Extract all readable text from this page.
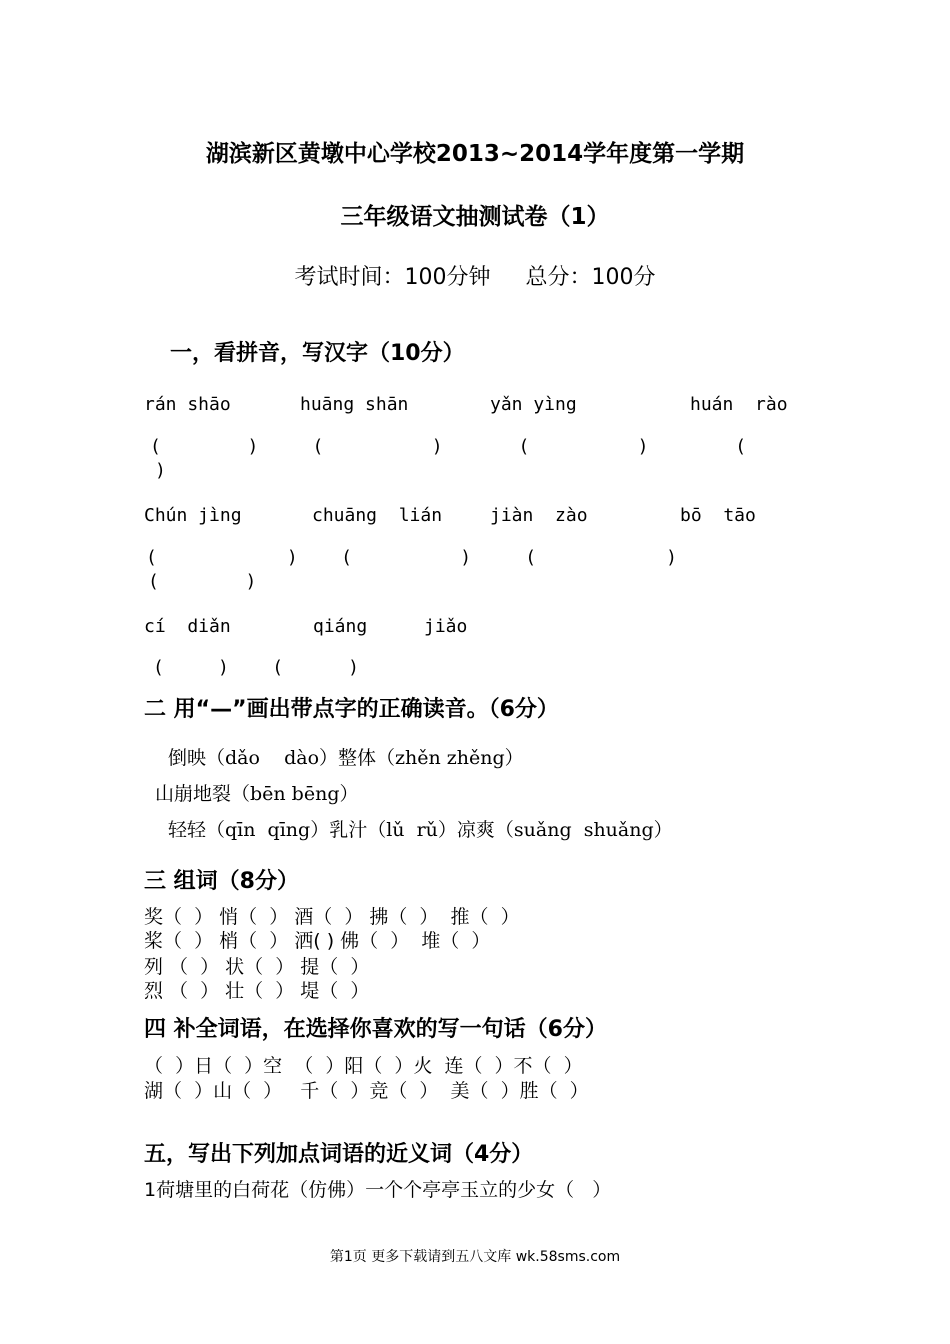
湖滨新区黄墩中心学校2013~2014学年度第一学期
三年级语文抽测试卷（1）
考试时间：100分钟     总分：100分
一，看拼音，写汉字（10分）
rán shāo	huāng shān	yǎn yìng	huán  rào
(        )     (          )       (          )        (
)
Chún jìng	chuāng  lián	jiàn  zào	bō  tāo
(            )    (          )     (            )
(        )
cí  diǎn	qiáng	jiǎo
(     )    (      )
二 用“—”画出带点字的正确读音。（6分）
倒映（dǎo    dào）整体（zhěn zhěng）
山崩地裂（bēn bēng）
轻轻（qīn  qīng）乳汁（lǔ  rǔ）凉爽（suǎng  shuǎng）
三 组词（8分）
奖（  ） 悄（  ） 酒（  ） 拂（  ）  推（  ）
桨（  ） 梢（  ） 洒( ) 佛（  ）  堆（  ）
列 （  ） 状（  ） 提（  ）
烈 （  ） 壮（  ） 堤（  ）
四 补全词语，在选择你喜欢的写一句话（6分）
（  ）日（  ）空  （  ）阳（  ）火  连（  ）不（  ）
湖（  ）山（  ）   千（  ）竞（  ）  美（  ）胜（  ）
五，写出下列加点词语的近义词（4分）
1荷塘里的白荷花（仿佛）一个个亭亭玉立的少女（   ）
第1页 更多下载请到五八文库 wk.58sms.com
